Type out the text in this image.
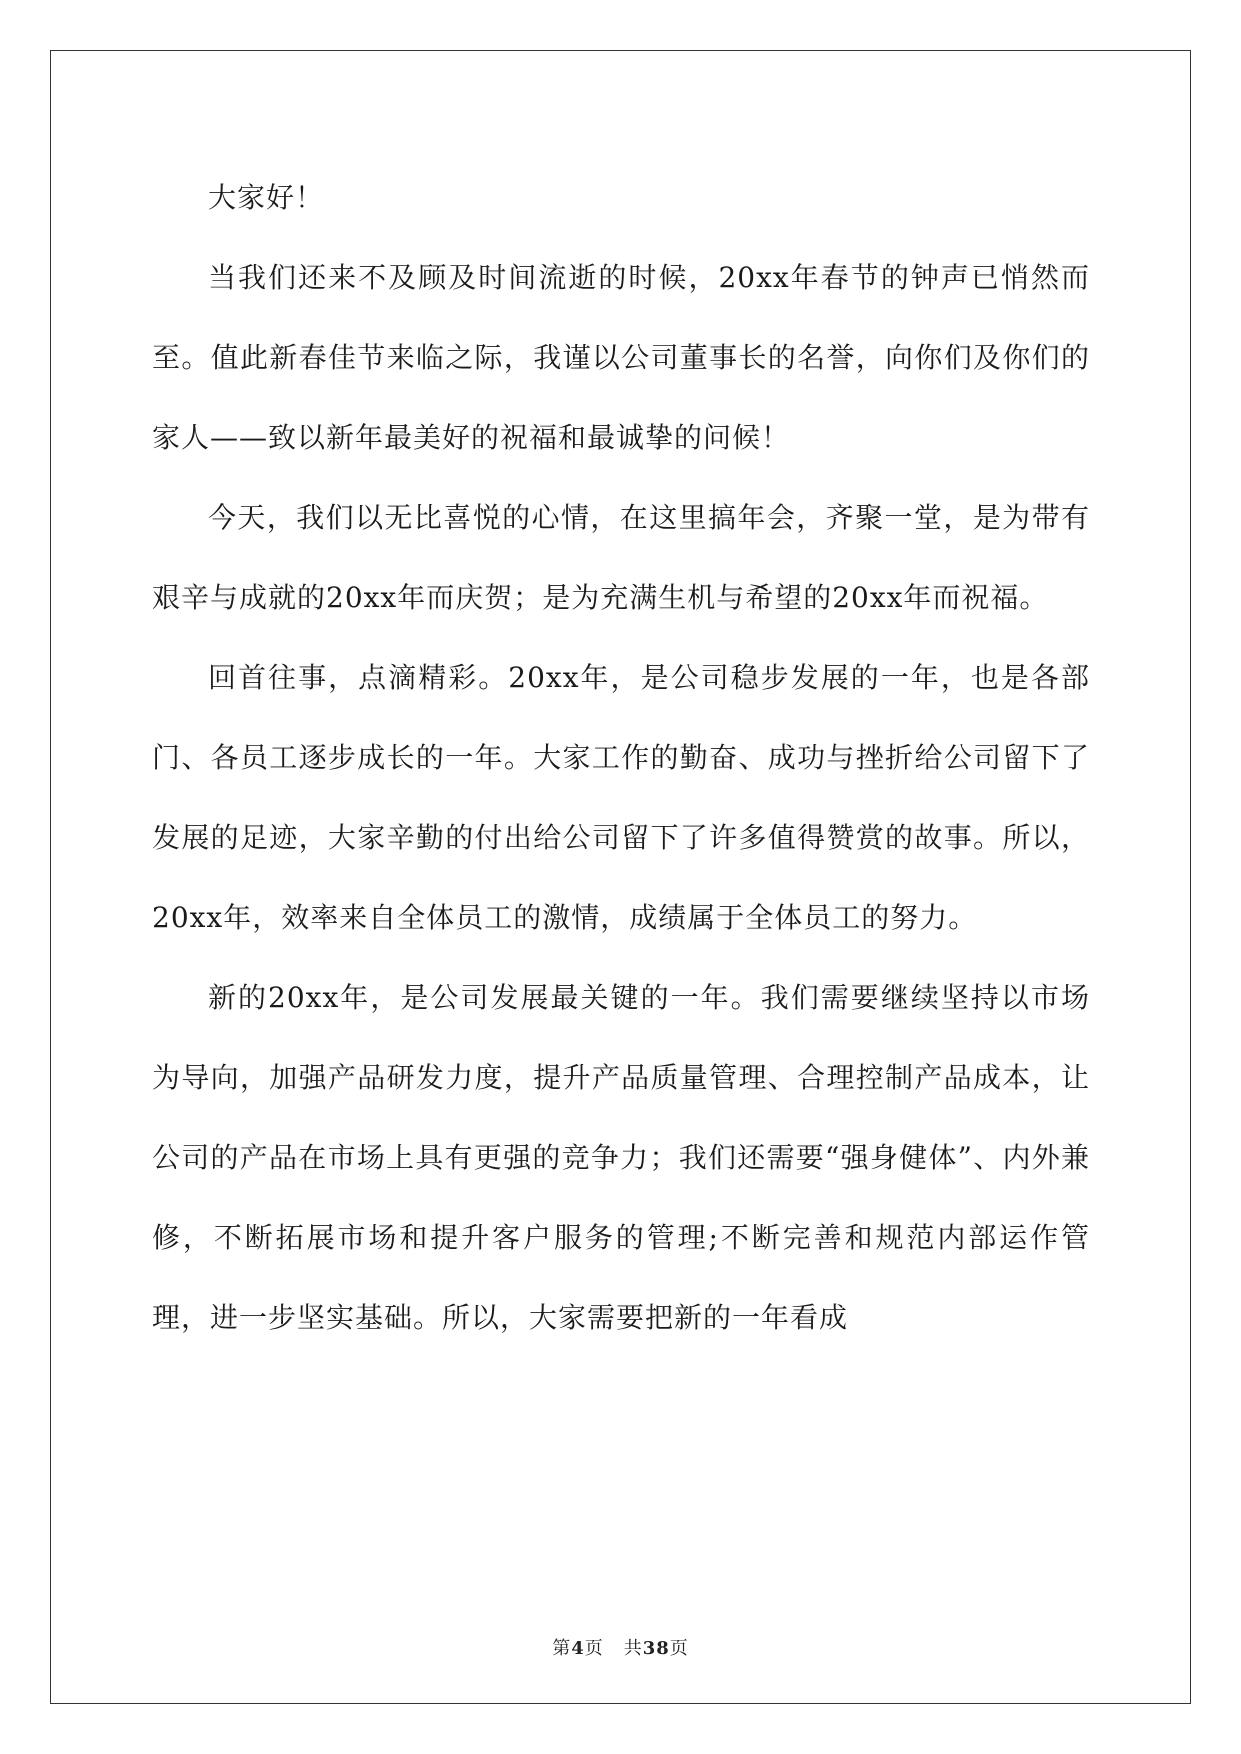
大家好！

当我们还来不及顾及时间流逝的时候，20xx年春节的钟声已悄然而至。值此新春佳节来临之际，我谨以公司董事长的名誉，向你们及你们的家人——致以新年最美好的祝福和最诚挚的问候！

今天，我们以无比喜悦的心情，在这里搞年会，齐聚一堂，是为带有艰辛与成就的20xx年而庆贺；是为充满生机与希望的20xx年而祝福。

回首往事，点滴精彩。20xx年，是公司稳步发展的一年，也是各部门、各员工逐步成长的一年。大家工作的勤奋、成功与挫折给公司留下了发展的足迹，大家辛勤的付出给公司留下了许多值得赞赏的故事。所以，20xx年，效率来自全体员工的激情，成绩属于全体员工的努力。

新的20xx年，是公司发展最关键的一年。我们需要继续坚持以市场为导向，加强产品研发力度，提升产品质量管理、合理控制产品成本，让公司的产品在市场上具有更强的竞争力；我们还需要“强身健体”、内外兼修，不断拓展市场和提升客户服务的管理;不断完善和规范内部运作管理，进一步坚实基础。所以，大家需要把新的一年看成

第4页 共38页
